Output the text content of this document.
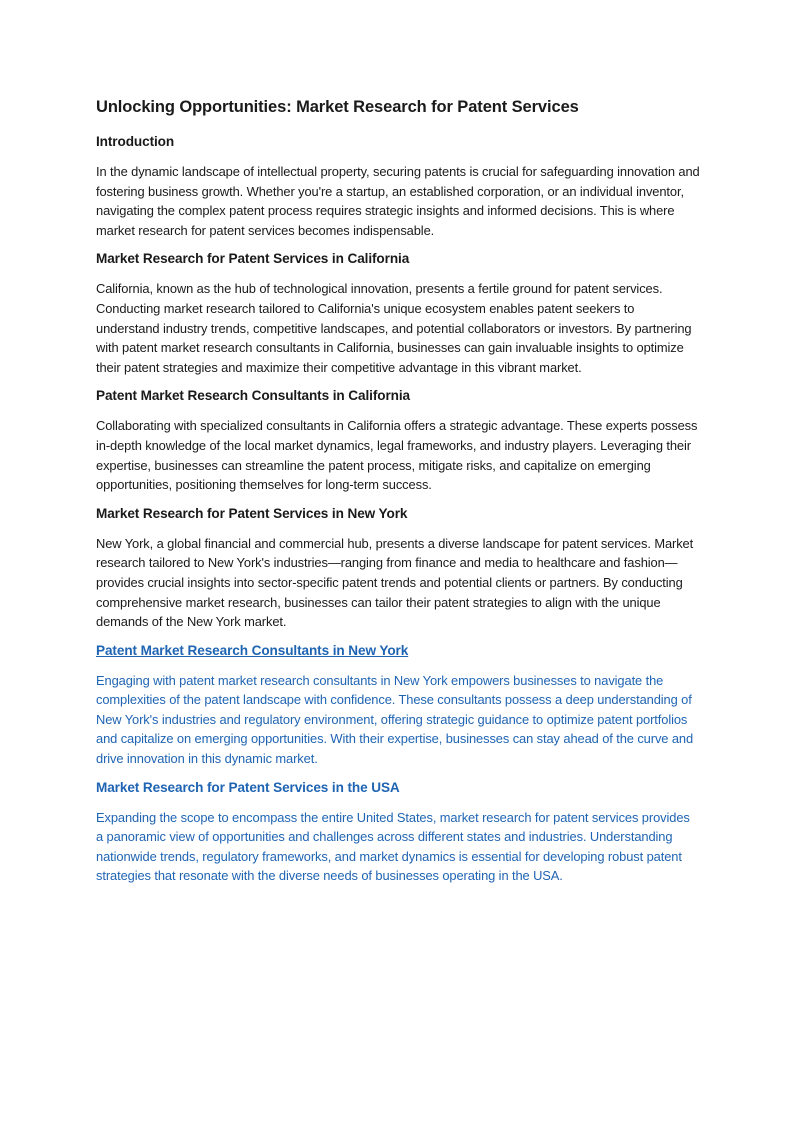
Unlocking Opportunities: Market Research for Patent Services
Introduction

In the dynamic landscape of intellectual property, securing patents is crucial for safeguarding innovation and fostering business growth. Whether you're a startup, an established corporation, or an individual inventor, navigating the complex patent process requires strategic insights and informed decisions. This is where market research for patent services becomes indispensable.

Market Research for Patent Services in California

California, known as the hub of technological innovation, presents a fertile ground for patent services. Conducting market research tailored to California's unique ecosystem enables patent seekers to understand industry trends, competitive landscapes, and potential collaborators or investors. By partnering with patent market research consultants in California, businesses can gain invaluable insights to optimize their patent strategies and maximize their competitive advantage in this vibrant market.

Patent Market Research Consultants in California

Collaborating with specialized consultants in California offers a strategic advantage. These experts possess in-depth knowledge of the local market dynamics, legal frameworks, and industry players. Leveraging their expertise, businesses can streamline the patent process, mitigate risks, and capitalize on emerging opportunities, positioning themselves for long-term success.

Market Research for Patent Services in New York

New York, a global financial and commercial hub, presents a diverse landscape for patent services. Market research tailored to New York's industries—ranging from finance and media to healthcare and fashion—provides crucial insights into sector-specific patent trends and potential clients or partners. By conducting comprehensive market research, businesses can tailor their patent strategies to align with the unique demands of the New York market.

Patent Market Research Consultants in New York

Engaging with patent market research consultants in New York empowers businesses to navigate the complexities of the patent landscape with confidence. These consultants possess a deep understanding of New York's industries and regulatory environment, offering strategic guidance to optimize patent portfolios and capitalize on emerging opportunities. With their expertise, businesses can stay ahead of the curve and drive innovation in this dynamic market.

Market Research for Patent Services in the USA

Expanding the scope to encompass the entire United States, market research for patent services provides a panoramic view of opportunities and challenges across different states and industries. Understanding nationwide trends, regulatory frameworks, and market dynamics is essential for developing robust patent strategies that resonate with the diverse needs of businesses operating in the USA.
